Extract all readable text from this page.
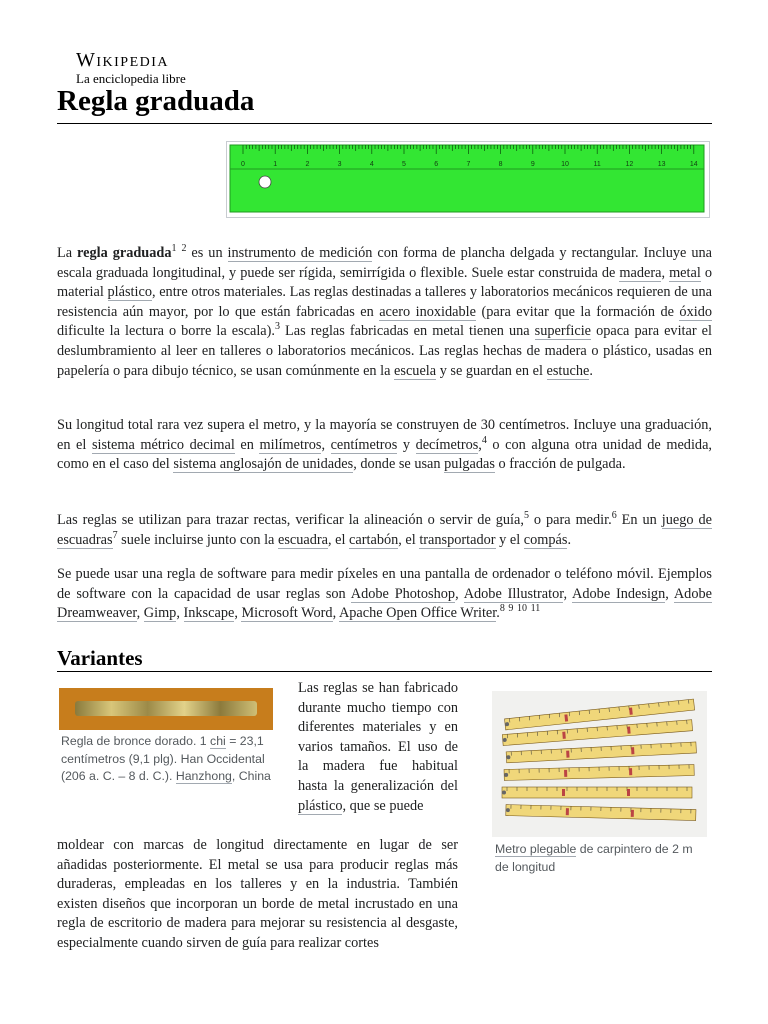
Wikipedia
La enciclopedia libre
Regla graduada
0	1	2	3	4	5	6	7	8	9	10	11	12	13	14

La regla graduada$^1$ $^2$ es un instrumento de medición con forma de plancha delgada y rectangular. Incluye una escala graduada longitudinal, y puede ser rígida, semirrígida o flexible. Suele estar construida de madera, metal o material plástico, entre otros materiales. Las reglas destinadas a talleres y laboratorios mecánicos requieren de una resistencia aún mayor, por lo que están fabricadas en acero inoxidable (para evitar que la formación de óxido dificulte la lectura o borre la escala).$^3$ Las reglas fabricadas en metal tienen una superficie opaca para evitar el deslumbramiento al leer en talleres o laboratorios mecánicos. Las reglas hechas de madera o plástico, usadas en papelería o para dibujo técnico, se usan comúnmente en la escuela y se guardan en el estuche.

Su longitud total rara vez supera el metro, y la mayoría se construyen de 30 centímetros. Incluye una graduación, en el sistema métrico decimal en milímetros, centímetros y decímetros,$^4$ o con alguna otra unidad de medida, como en el caso del sistema anglosajón de unidades, donde se usan pulgadas o fracción de pulgada.

Las reglas se utilizan para trazar rectas, verificar la alineación o servir de guía,$^5$ o para medir.$^6$ En un juego de escuadras$^7$ suele incluirse junto con la escuadra, el cartabón, el transportador y el compás.

Se puede usar una regla de software para medir píxeles en una pantalla de ordenador o teléfono móvil. Ejemplos de software con la capacidad de usar reglas son Adobe Photoshop, Adobe Illustrator, Adobe Indesign, Adobe Dreamweaver, Gimp, Inkscape, Microsoft Word, Apache Open Office Writer.$^8$ $^9$ $^{10}$ $^{11}$

Variantes
Regla de bronce dorado. 1 chi = 23,1 centímetros (9,1 plg). Han Occidental (206 a. C. – 8 d. C.). Hanzhong, China

Las reglas se han fabricado durante mucho tiempo con diferentes materiales y en varios tamaños. El uso de la madera fue habitual hasta la generalización del plástico, que se puede

Metro plegable de carpintero de 2 m de longitud

moldear con marcas de longitud directamente en lugar de ser añadidas posteriormente. El metal se usa para producir reglas más duraderas, empleadas en los talleres y en la industria. También existen diseños que incorporan un borde de metal incrustado en una regla de escritorio de madera para mejorar su resistencia al desgaste, especialmente cuando sirven de guía para realizar cortes
